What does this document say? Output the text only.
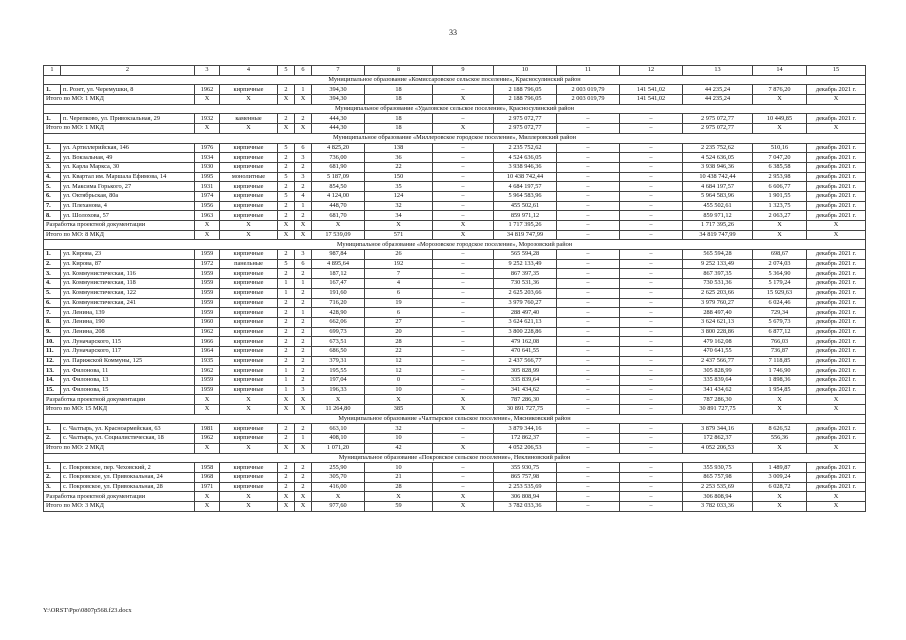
33
1	2	3	4	5	6	7	8	9	10	11	12	13	14	15
Муниципальное образование «Комиссаровское сельское поселение», Красносулинский район														
1.	п. Розет, ул. Черемушки, 8	1962	кирпичные	2	1	394,30	18	–	2 188 796,05	2 003 019,79	141 541,02	44 235,24	7 876,20	декабрь 2021 г.
Итого по МО: 1 МКД		X	X	X	X	394,30	18	X	2 188 796,05	2 003 019,79	141 541,02	44 235,24	X	X
Муниципальное образование «Удаловское сельское поселение», Красносулинский район														
1.	п. Черепково, ул. Привокзальная, 29	1932	каменные	2	2	444,30	18	–	2 975 072,77	–	–	2 975 072,77	10 449,85	декабрь 2021 г.
Итого по МО: 1 МКД		X	X	X	X	444,30	18	X	2 975 072,77	–	–	2 975 072,77	X	X
Муниципальное образование «Миллеровское городское поселение», Миллеровский район														
1.	ул. Артиллерийская, 146	1976	кирпичные	5	6	4 825,20	138	–	2 235 752,62	–	–	2 235 752,62	510,16	декабрь 2021 г.
2.	ул. Вокзальная, 49	1934	кирпичные	2	3	736,00	36	–	4 524 636,05	–	–	4 524 636,05	7 047,20	декабрь 2021 г.
3.	ул. Карла Маркса, 30	1930	кирпичные	2	2	681,90	22	–	3 938 946,36	–	–	3 938 946,36	6 385,58	декабрь 2021 г.
4.	ул. Квартал им. Маршала Ефимова, 14	1995	монолитные	5	3	5 187,09	150	–	10 438 742,44	–	–	10 438 742,44	2 953,98	декабрь 2021 г.
5.	ул. Максима Горького, 27	1931	кирпичные	2	2	854,50	35	–	4 684 197,57	–	–	4 684 197,57	6 606,77	декабрь 2021 г.
6.	ул. Октябрьская, 80а	1974	кирпичные	5	4	4 124,00	124	–	5 964 583,96	–	–	5 964 583,96	1 901,55	декабрь 2021 г.
7.	ул. Плеханова, 4	1956	кирпичные	2	1	448,70	32	–	455 502,61	–	–	455 502,61	1 323,75	декабрь 2021 г.
8.	ул. Шолохова, 57	1963	кирпичные	2	2	681,70	34	–	859 971,12	–	–	859 971,12	2 063,27	декабрь 2021 г.
Разработка проектной документации		X	X	X	X	X	X	X	1 717 395,26	–	–	1 717 395,26	X	X
Итого по МО: 8 МКД		X	X	X	X	17 539,09	571	X	34 819 747,99	–	–	34 819 747,99	X	X
Муниципальное образование «Морозовское городское поселение», Морозовский район														
1.	ул. Кирова, 23	1959	кирпичные	2	3	987,84	26	–	565 594,28	–	–	565 594,28	698,67	декабрь 2021 г.
2.	ул. Кирова, 87	1972	панельные	5	6	4 895,64	192	–	9 252 133,49	–	–	9 252 133,49	2 074,03	декабрь 2021 г.
3.	ул. Коммунистическая, 116	1959	кирпичные	2	2	187,12	7	–	867 397,35	–	–	867 397,35	5 364,90	декабрь 2021 г.
4.	ул. Коммунистическая, 118	1959	кирпичные	1	1	167,47	4	–	730 531,36	–	–	730 531,36	5 179,24	декабрь 2021 г.
5.	ул. Коммунистическая, 122	1959	кирпичные	1	2	191,60	6	–	2 625 203,66	–	–	2 625 203,66	15 929,63	декабрь 2021 г.
6.	ул. Коммунистическая, 241	1959	кирпичные	2	2	716,20	19	–	3 979 760,27	–	–	3 979 760,27	6 024,46	декабрь 2021 г.
7.	ул. Ленина, 139	1959	кирпичные	2	1	428,90	6	–	288 497,40	–	–	288 497,40	729,34	декабрь 2021 г.
8.	ул. Ленина, 190	1960	кирпичные	2	2	662,06	27	–	3 624 621,13	–	–	3 624 621,13	5 679,73	декабрь 2021 г.
9.	ул. Ленина, 208	1962	кирпичные	2	2	699,73	20	–	3 800 228,86	–	–	3 800 228,86	6 877,12	декабрь 2021 г.
10.	ул. Луначарского, 115	1966	кирпичные	2	2	673,51	28	–	479 162,08	–	–	479 162,08	766,03	декабрь 2021 г.
11.	ул. Луначарского, 117	1964	кирпичные	2	2	686,50	22	–	470 641,55	–	–	470 641,55	736,87	декабрь 2021 г.
12.	ул. Парижской Коммуны, 125	1935	кирпичные	2	2	379,31	12	–	2 437 566,77	–	–	2 437 566,77	7 118,85	декабрь 2021 г.
13.	ул. Филонова, 11	1962	кирпичные	1	2	195,55	12	–	305 828,99	–	–	305 828,99	1 746,90	декабрь 2021 г.
14.	ул. Филонова, 13	1959	кирпичные	1	2	197,04	0	–	335 839,64	–	–	335 839,64	1 898,36	декабрь 2021 г.
15.	ул. Филонова, 15	1959	кирпичные	1	3	196,33	10	–	341 434,62	–	–	341 434,62	1 954,85	декабрь 2021 г.
Разработка проектной документации		X	X	X	X	X	X	X	787 286,30	–	–	787 286,30	X	X
Итого по МО: 15 МКД		X	X	X	X	11 264,80	385	X	30 891 727,75	–	–	30 891 727,75	X	X
Муниципальное образование «Чалтырское сельское поселение», Мясниковский район														
1.	с. Чалтырь, ул. Красноармейская, 63	1981	кирпичные	2	2	663,10	32	–	3 879 344,16	–	–	3 879 344,16	8 626,52	декабрь 2021 г.
2.	с. Чалтырь, ул. Социалистическая, 18	1962	кирпичные	2	1	408,10	10	–	172 862,37	–	–	172 862,37	556,36	декабрь 2021 г.
Итого по МО: 2 МКД		X	X	X	X	1 071,20	42	X	4 052 206,53	–	–	4 052 206,53	X	X
Муниципальное образование «Покровское сельское поселение», Неклиновский район														
1.	с. Покровское, пер. Чеховский, 2	1958	кирпичные	2	2	255,90	10	–	355 930,75	–	–	355 930,75	1 489,87	декабрь 2021 г.
2.	с. Покровское, ул. Привокзальная, 24	1968	кирпичные	2	2	305,70	21	–	865 757,98	–	–	865 757,98	3 009,24	декабрь 2021 г.
3.	с. Покровское, ул. Привокзальная, 28	1971	кирпичные	2	2	416,00	28	–	2 253 535,69	–	–	2 253 535,69	6 028,72	декабрь 2021 г.
Разработка проектной документации		X	X	X	X	X	X	X	306 808,94	–	–	306 808,94	X	X
Итого по МО: 3 МКД		X	X	X	X	977,60	59	X	3 782 033,36	–	–	3 782 033,36	X	X
Y:\ORST\Ppo\0807p568.f23.docx
